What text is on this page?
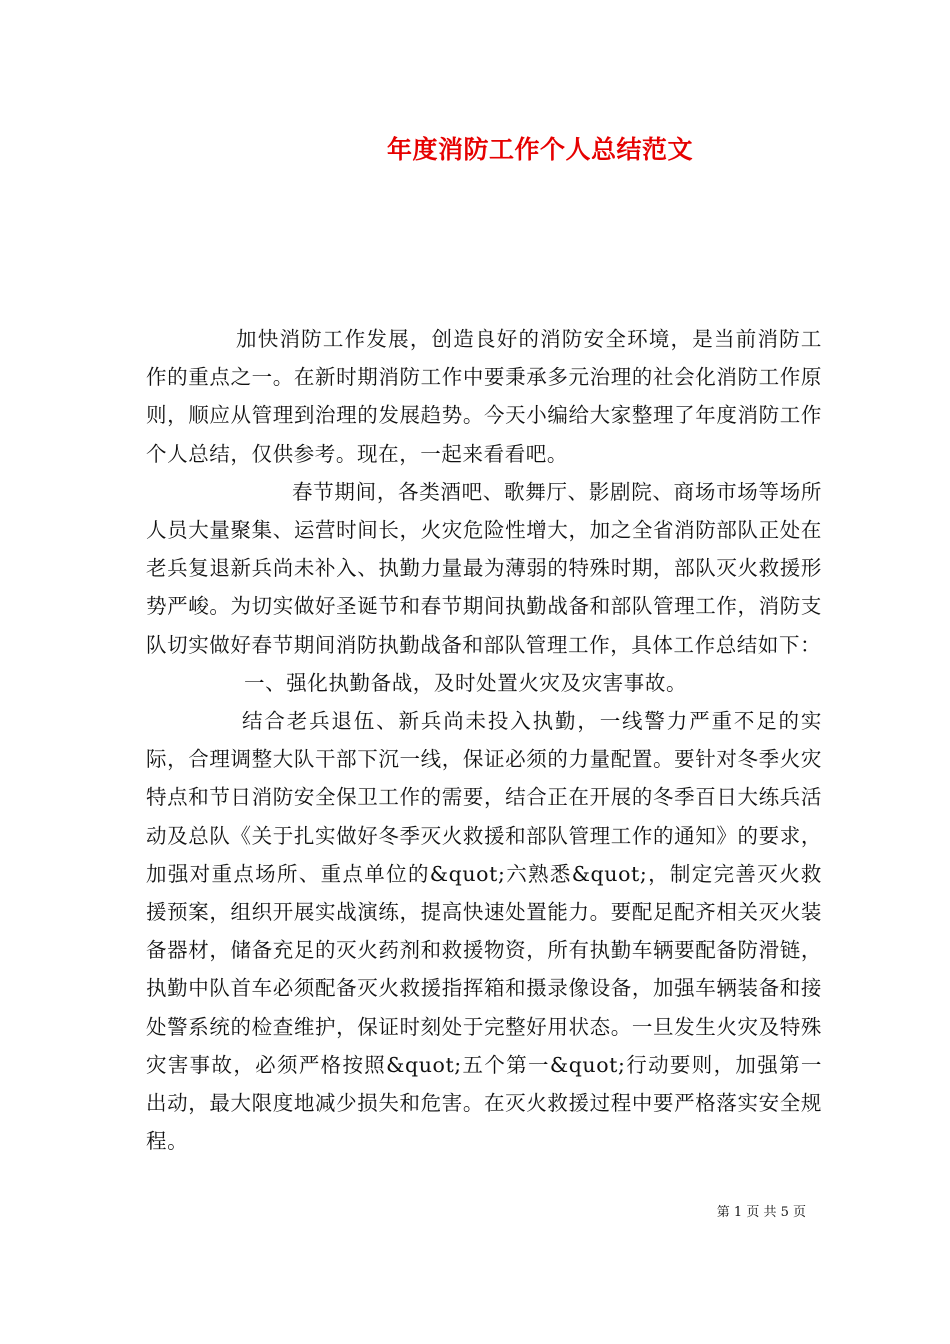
年度消防工作个人总结范文

加快消防工作发展，创造良好的消防安全环境，是当前消防工作的重点之一。在新时期消防工作中要秉承多元治理的社会化消防工作原则，顺应从管理到治理的发展趋势。今天小编给大家整理了年度消防工作个人总结，仅供参考。现在，一起来看看吧。

春节期间，各类酒吧、歌舞厅、影剧院、商场市场等场所人员大量聚集、运营时间长，火灾危险性增大，加之全省消防部队正处在老兵复退新兵尚未补入、执勤力量最为薄弱的特殊时期，部队灭火救援形势严峻。为切实做好圣诞节和春节期间执勤战备和部队管理工作，消防支队切实做好春节期间消防执勤战备和部队管理工作，具体工作总结如下：

一、强化执勤备战，及时处置火灾及灾害事故。

结合老兵退伍、新兵尚未投入执勤，一线警力严重不足的实际，合理调整大队干部下沉一线，保证必须的力量配置。要针对冬季火灾特点和节日消防安全保卫工作的需要，结合正在开展的冬季百日大练兵活动及总队《关于扎实做好冬季灭火救援和部队管理工作的通知》的要求，加强对重点场所、重点单位的&quot;六熟悉&quot;，制定完善灭火救援预案，组织开展实战演练，提高快速处置能力。要配足配齐相关灭火装备器材，储备充足的灭火药剂和救援物资，所有执勤车辆要配备防滑链，执勤中队首车必须配备灭火救援指挥箱和摄录像设备，加强车辆装备和接处警系统的检查维护，保证时刻处于完整好用状态。一旦发生火灾及特殊灾害事故，必须严格按照&quot;五个第一&quot;行动要则，加强第一出动，最大限度地减少损失和危害。在灭火救援过程中要严格落实安全规程。

第 1 页 共 5 页
